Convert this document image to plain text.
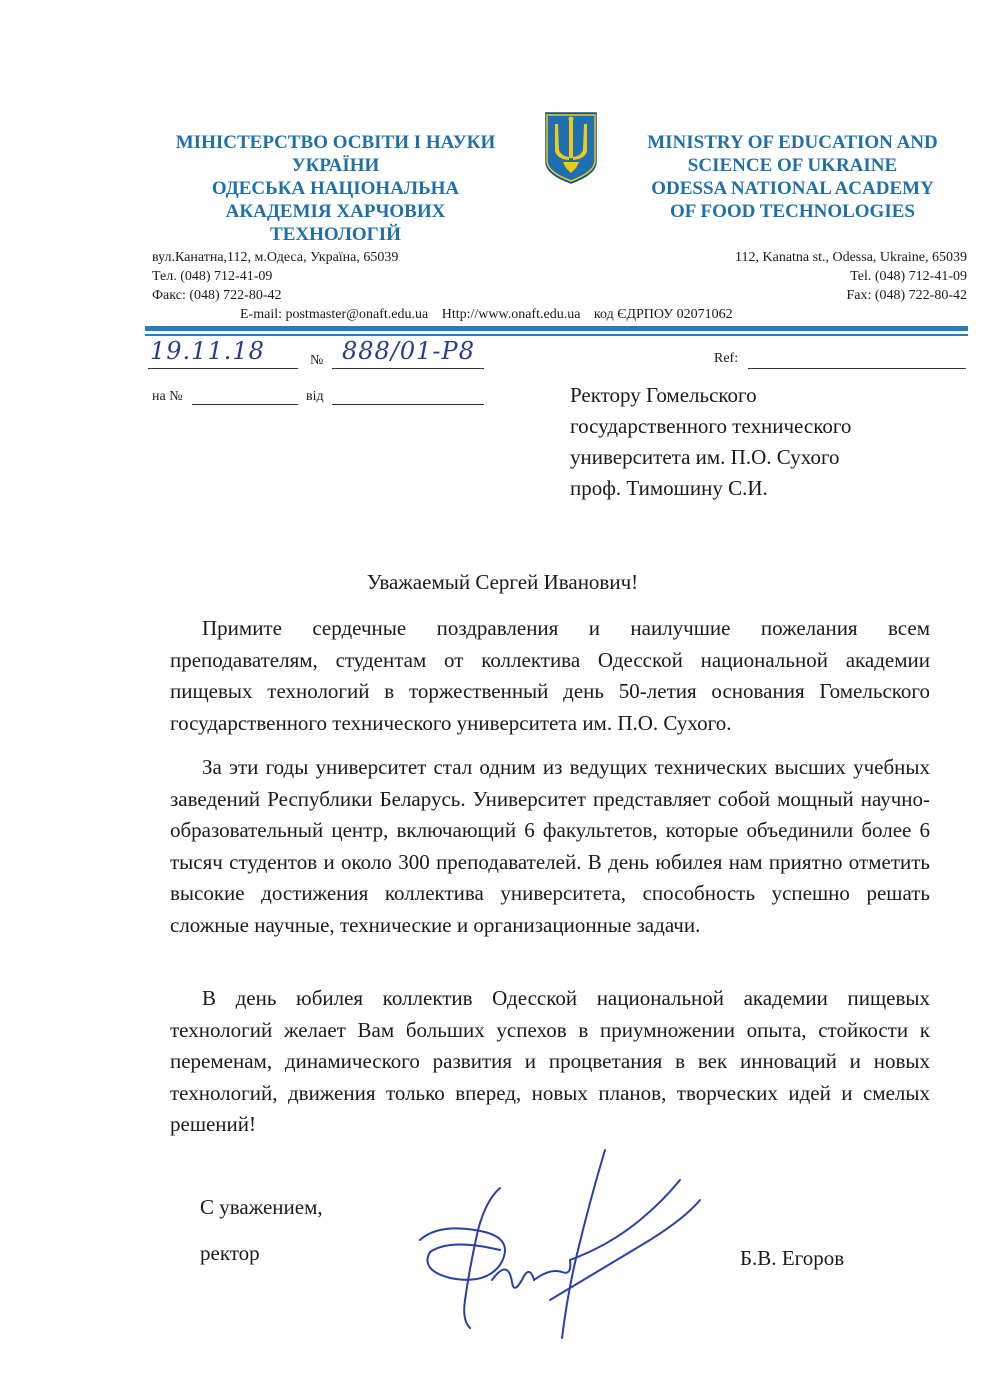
МІНІСТЕРСТВО ОСВІТИ І НАУКИ
УКРАЇНИ
ОДЕСЬКА НАЦІОНАЛЬНА
АКАДЕМІЯ ХАРЧОВИХ
ТЕХНОЛОГІЙ
MINISTRY OF EDUCATION AND
SCIENCE OF UKRAINE
ODESSA NATIONAL ACADEMY
OF FOOD TECHNOLOGIES
вул.Канатна,112, м.Одеса, Україна, 65039
Тел. (048) 712-41-09
Факс: (048) 722-80-42
112, Kanatna st., Odessa, Ukraine, 65039
Tel. (048) 712-41-09
Fax: (048) 722-80-42
E-mail: postmaster@onaft.edu.ua Http://www.onaft.edu.ua код ЄДРПОУ 02071062
19.11.18	№ 888/01-Р8	Ref:
на №	від	Ректору Гомельского
государственного технического
университета им. П.О. Сухого
проф. Тимошину С.И.
Уважаемый Сергей Иванович!

Примите сердечные поздравления и наилучшие пожелания всем преподавателям, студентам от коллектива Одесской национальной академии пищевых технологий в торжественный день 50-летия основания Гомельского государственного технического университета им. П.О. Сухого.

За эти годы университет стал одним из ведущих технических высших учебных заведений Республики Беларусь. Университет представляет собой мощный научно-образовательный центр, включающий 6 факультетов, которые объединили более 6 тысяч студентов и около 300 преподавателей. В день юбилея нам приятно отметить высокие достижения коллектива университета, способность успешно решать сложные научные, технические и организационные задачи.

В день юбилея коллектив Одесской национальной академии пищевых технологий желает Вам больших успехов в приумножении опыта, стойкости к переменам, динамического развития и процветания в век инноваций и новых технологий, движения только вперед, новых планов, творческих идей и смелых решений!

С уважением,
ректор	Б.В. Егоров
